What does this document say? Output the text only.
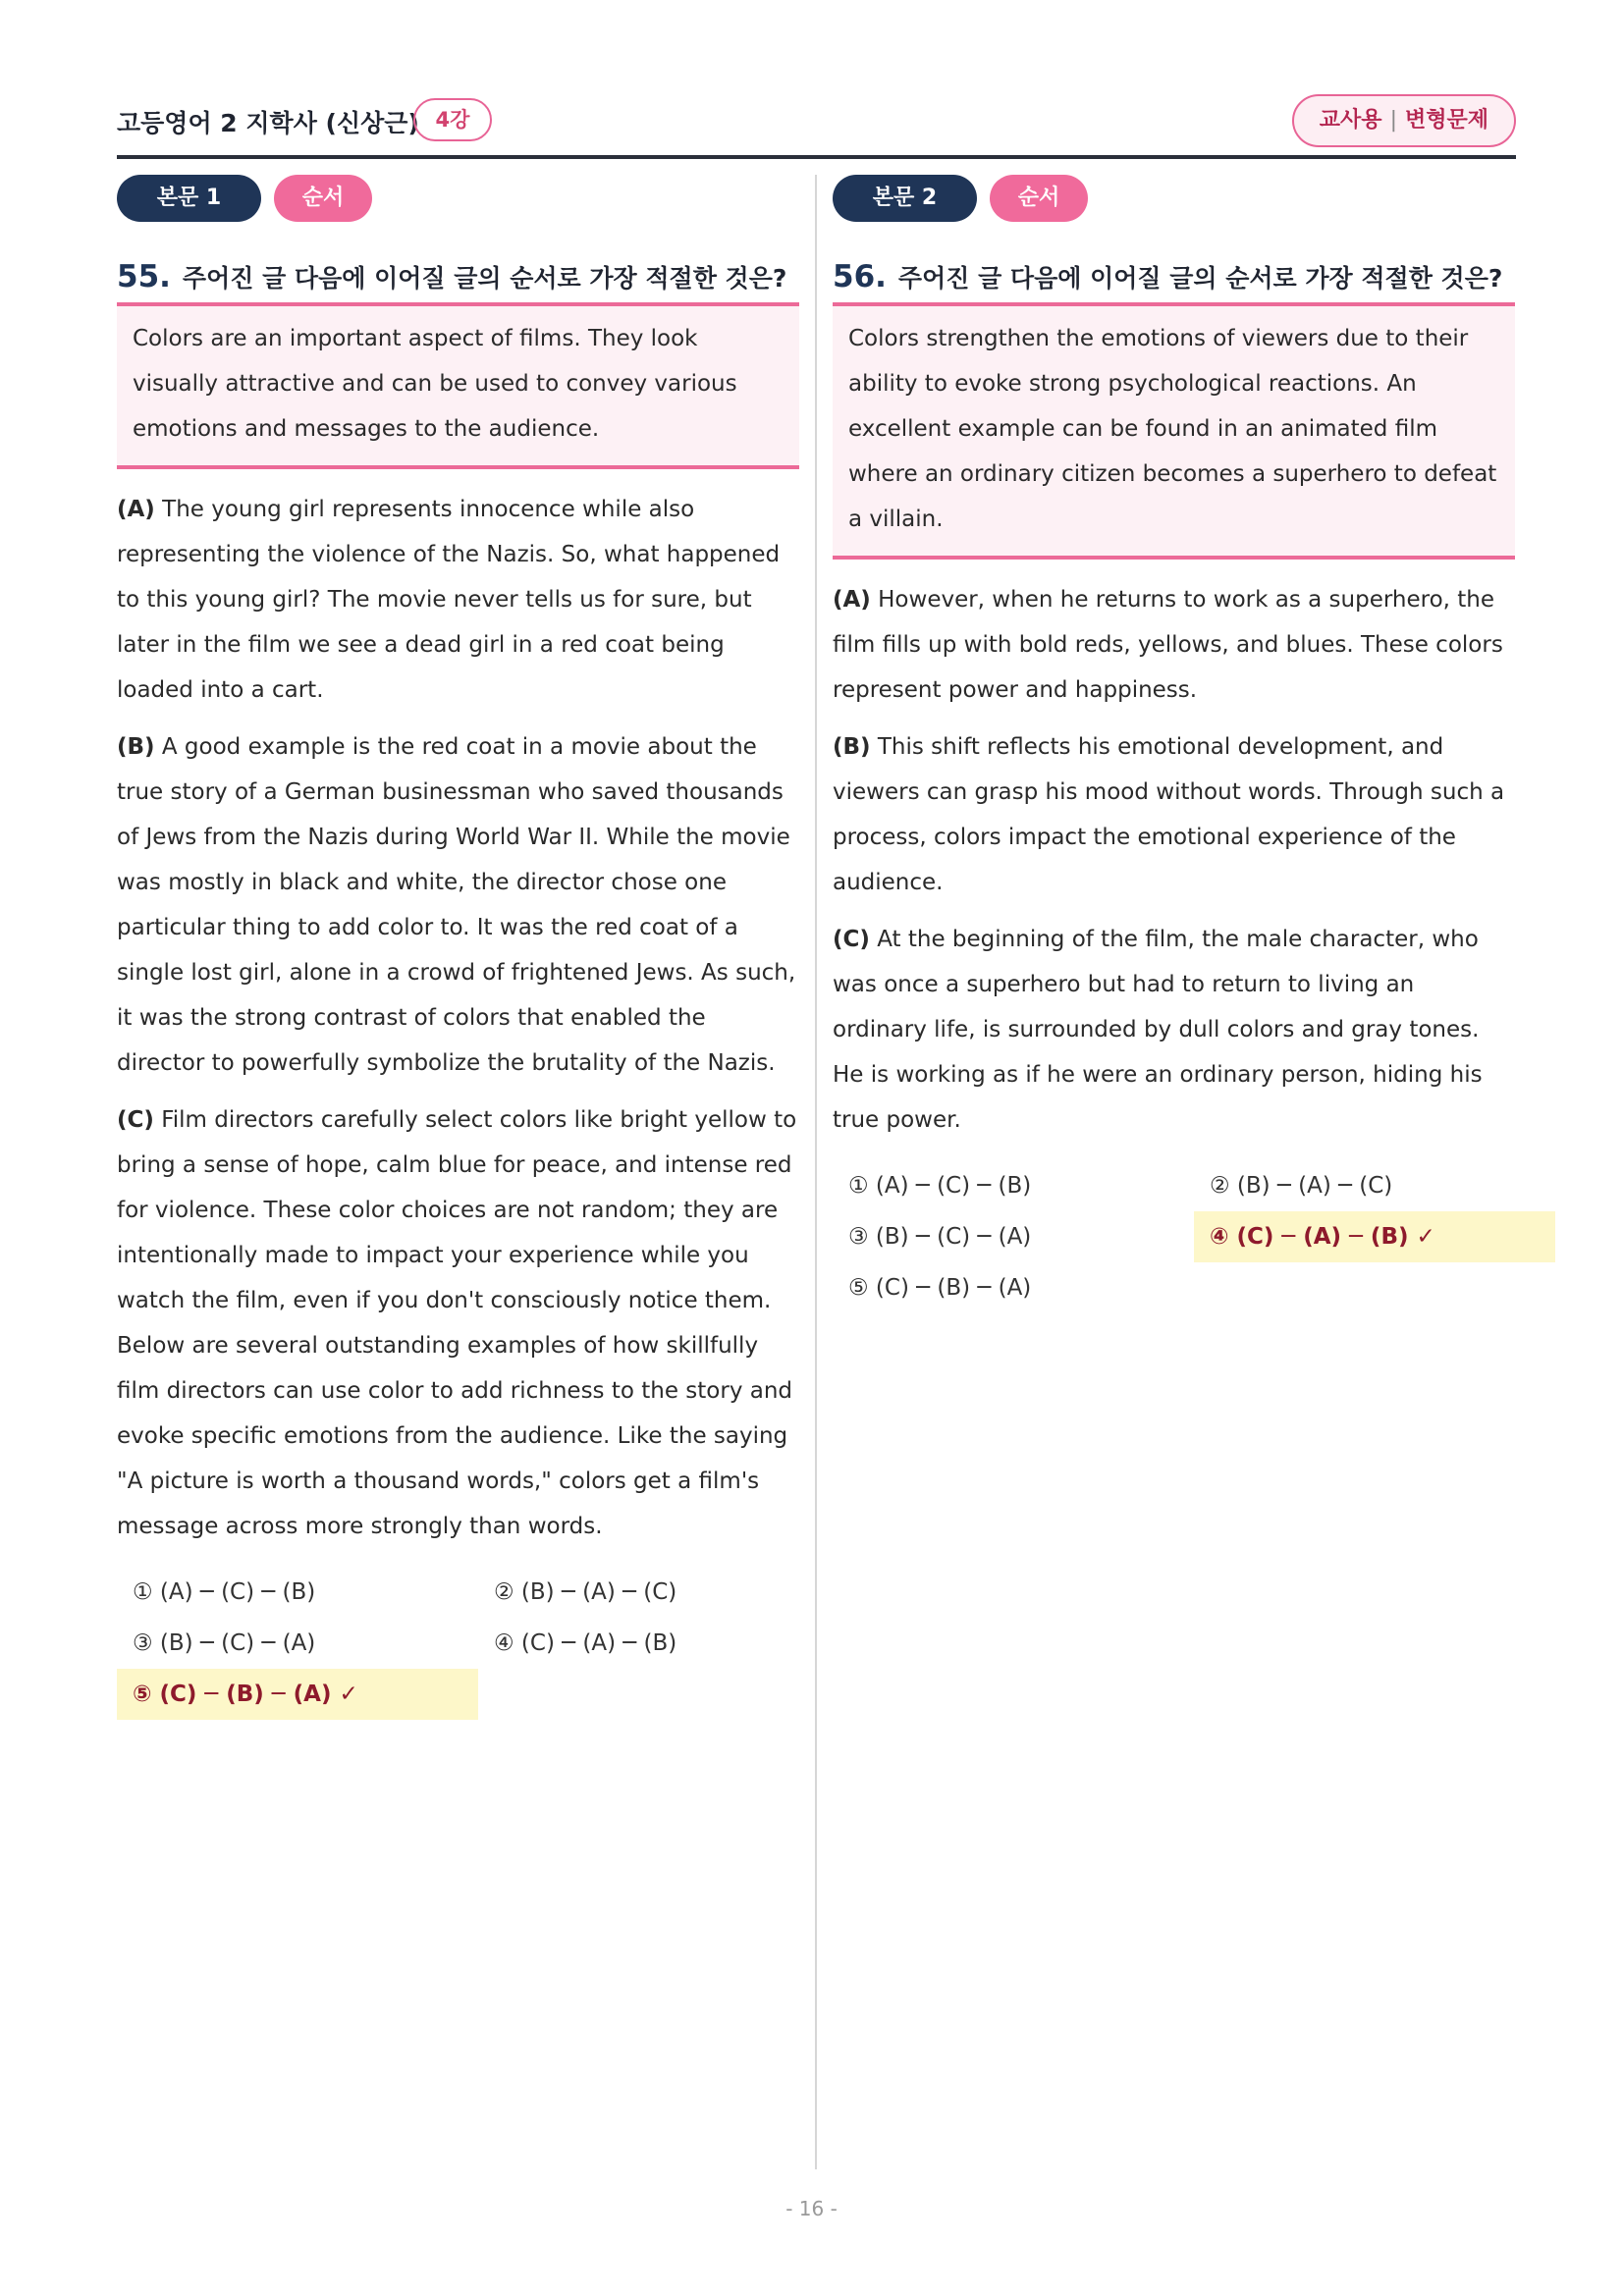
고등영어 2 지학사 (신상근) 4강	교사용 | 변형문제
본문 1	순서
55. 주어진 글 다음에 이어질 글의 순서로 가장 적절한 것은?
Colors are an important aspect of films. They look visually attractive and can be used to convey various emotions and messages to the audience.
(A) The young girl represents innocence while also representing the violence of the Nazis. So, what happened to this young girl? The movie never tells us for sure, but later in the film we see a dead girl in a red coat being loaded into a cart.
(B) A good example is the red coat in a movie about the true story of a German businessman who saved thousands of Jews from the Nazis during World War II. While the movie was mostly in black and white, the director chose one particular thing to add color to. It was the red coat of a single lost girl, alone in a crowd of frightened Jews. As such, it was the strong contrast of colors that enabled the director to powerfully symbolize the brutality of the Nazis.
(C) Film directors carefully select colors like bright yellow to bring a sense of hope, calm blue for peace, and intense red for violence. These color choices are not random; they are intentionally made to impact your experience while you watch the film, even if you don't consciously notice them. Below are several outstanding examples of how skillfully film directors can use color to add richness to the story and evoke specific emotions from the audience. Like the saying "A picture is worth a thousand words," colors get a film's message across more strongly than words.
① (A) ─ (C) ─ (B)	② (B) ─ (A) ─ (C)
③ (B) ─ (C) ─ (A)	④ (C) ─ (A) ─ (B)
⑤ (C) ─ (B) ─ (A) ✓
본문 2	순서
56. 주어진 글 다음에 이어질 글의 순서로 가장 적절한 것은?
Colors strengthen the emotions of viewers due to their ability to evoke strong psychological reactions. An excellent example can be found in an animated film where an ordinary citizen becomes a superhero to defeat a villain.
(A) However, when he returns to work as a superhero, the film fills up with bold reds, yellows, and blues. These colors represent power and happiness.
(B) This shift reflects his emotional development, and viewers can grasp his mood without words. Through such a process, colors impact the emotional experience of the audience.
(C) At the beginning of the film, the male character, who was once a superhero but had to return to living an ordinary life, is surrounded by dull colors and gray tones. He is working as if he were an ordinary person, hiding his true power.
① (A) ─ (C) ─ (B)	② (B) ─ (A) ─ (C)
③ (B) ─ (C) ─ (A)	④ (C) ─ (A) ─ (B) ✓
⑤ (C) ─ (B) ─ (A)
- 16 -
